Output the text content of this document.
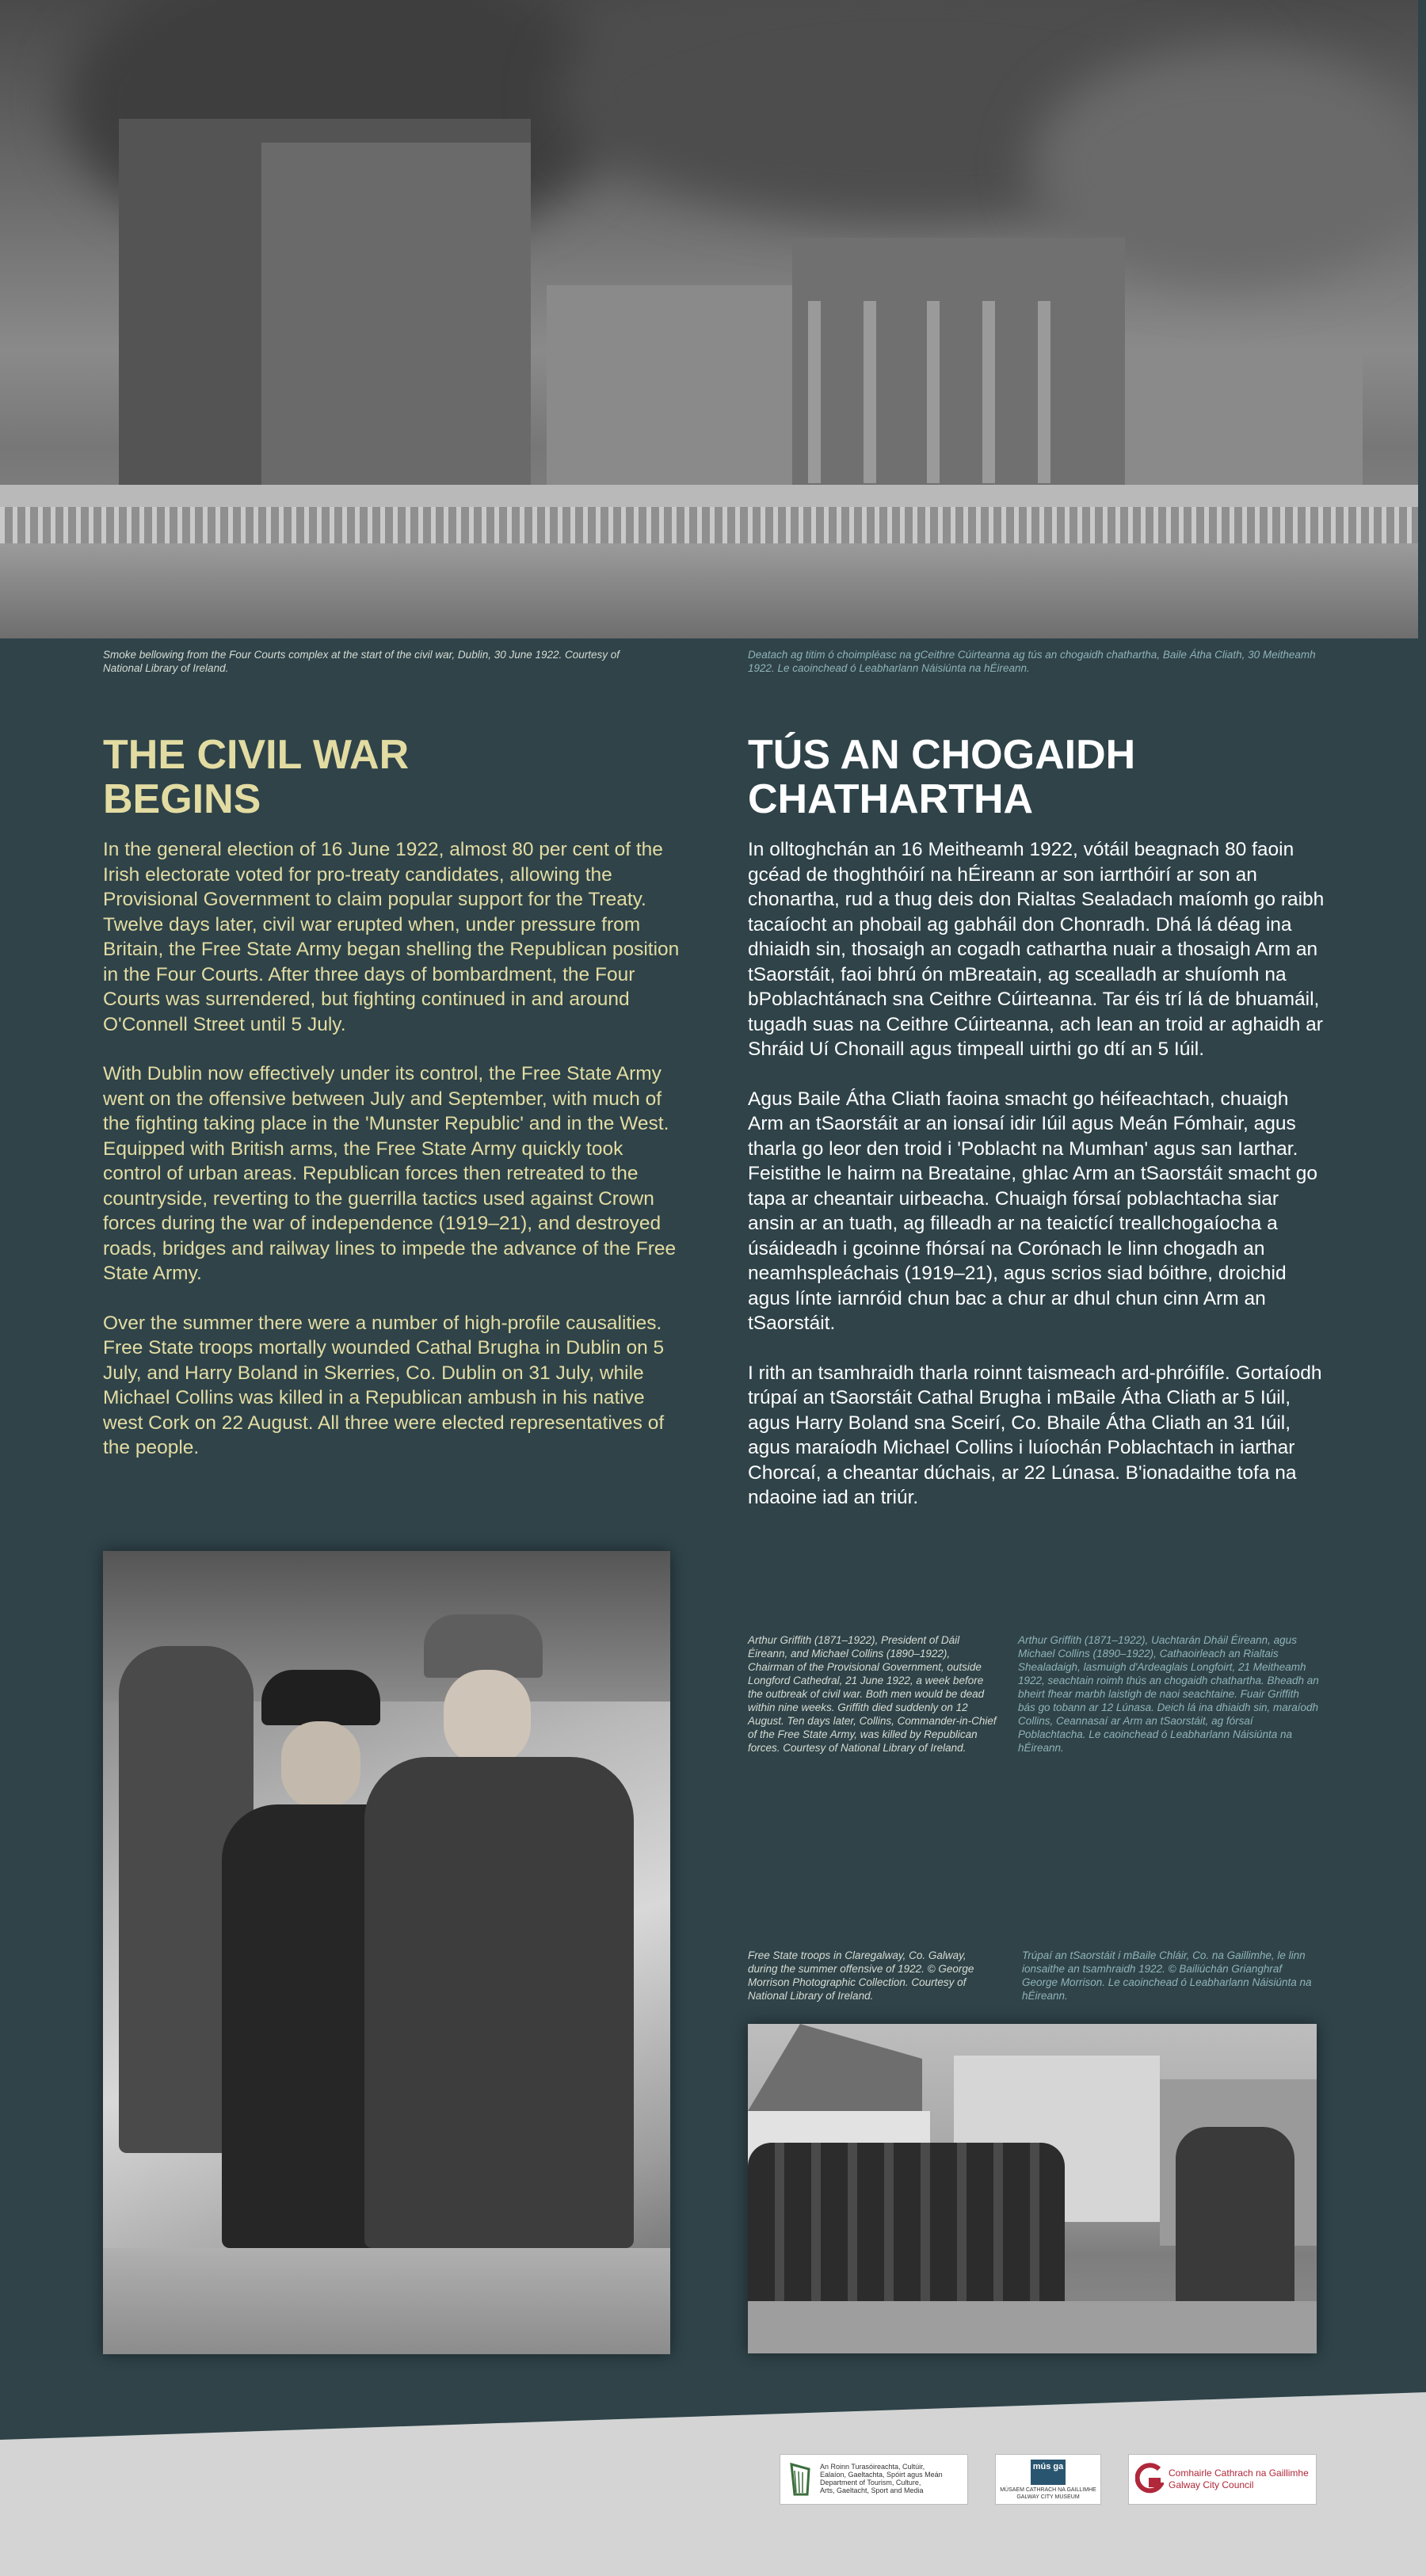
Smoke bellowing from the Four Courts complex at the start of the civil war, Dublin, 30 June 1922. Courtesy of National Library of Ireland.
Deatach ag titim ó choimpléasc na gCeithre Cúirteanna ag tús an chogaidh chathartha, Baile Átha Cliath, 30 Meitheamh 1922. Le caoinchead ó Leabharlann Náisiúnta na hÉireann.
THE CIVIL WAR
BEGINS
TÚS AN CHOGAIDH
CHATHARTHA

In the general election of 16 June 1922, almost 80 per cent of the Irish electorate voted for pro-treaty candidates, allowing the Provisional Government to claim popular support for the Treaty. Twelve days later, civil war erupted when, under pressure from Britain, the Free State Army began shelling the Republican position in the Four Courts. After three days of bombardment, the Four Courts was surrendered, but fighting continued in and around O'Connell Street until 5 July.

With Dublin now effectively under its control, the Free State Army went on the offensive between July and September, with much of the fighting taking place in the 'Munster Republic' and in the West. Equipped with British arms, the Free State Army quickly took control of urban areas. Republican forces then retreated to the countryside, reverting to the guerrilla tactics used against Crown forces during the war of independence (1919–21), and destroyed roads, bridges and railway lines to impede the advance of the Free State Army.

Over the summer there were a number of high-profile causalities. Free State troops mortally wounded Cathal Brugha in Dublin on 5 July, and Harry Boland in Skerries, Co. Dublin on 31 July, while Michael Collins was killed in a Republican ambush in his native west Cork on 22 August. All three were elected representatives of the people.

In olltoghchán an 16 Meitheamh 1922, vótáil beagnach 80 faoin gcéad de thoghthóirí na hÉireann ar son iarrthóirí ar son an chonartha, rud a thug deis don Rialtas Sealadach maíomh go raibh tacaíocht an phobail ag gabháil don Chonradh. Dhá lá déag ina dhiaidh sin, thosaigh an cogadh cathartha nuair a thosaigh Arm an tSaorstáit, faoi bhrú ón mBreatain, ag scealladh ar shuíomh na bPoblachtánach sna Ceithre Cúirteanna. Tar éis trí lá de bhuamáil, tugadh suas na Ceithre Cúirteanna, ach lean an troid ar aghaidh ar Shráid Uí Chonaill agus timpeall uirthi go dtí an 5 Iúil.

Agus Baile Átha Cliath faoina smacht go héifeachtach, chuaigh Arm an tSaorstáit ar an ionsaí idir Iúil agus Meán Fómhair, agus tharla go leor den troid i 'Poblacht na Mumhan' agus san Iarthar. Feistithe le hairm na Breataine, ghlac Arm an tSaorstáit smacht go tapa ar cheantair uirbeacha. Chuaigh fórsaí poblachtacha siar ansin ar an tuath, ag filleadh ar na teaictící treallchogaíocha a úsáideadh i gcoinne fhórsaí na Corónach le linn chogadh an neamhspleáchais (1919–21), agus scrios siad bóithre, droichid agus línte iarnróid chun bac a chur ar dhul chun cinn Arm an tSaorstáit.

I rith an tsamhraidh tharla roinnt taismeach ard-phróifíle. Gortaíodh trúpaí an tSaorstáit Cathal Brugha i mBaile Átha Cliath ar 5 Iúil, agus Harry Boland sna Sceirí, Co. Bhaile Átha Cliath an 31 Iúil, agus maraíodh Michael Collins i luíochán Poblachtach in iarthar Chorcaí, a cheantar dúchais, ar 22 Lúnasa. B'ionadaithe tofa na ndaoine iad an triúr.

Arthur Griffith (1871–1922), President of Dáil Éireann, and Michael Collins (1890–1922), Chairman of the Provisional Government, outside Longford Cathedral, 21 June 1922, a week before the outbreak of civil war. Both men would be dead within nine weeks. Griffith died suddenly on 12 August. Ten days later, Collins, Commander-in-Chief of the Free State Army, was killed by Republican forces. Courtesy of National Library of Ireland.
Arthur Griffith (1871–1922), Uachtarán Dháil Éireann, agus Michael Collins (1890–1922), Cathaoirleach an Rialtais Shealadaigh, lasmuigh d'Ardeaglais Longfoirt, 21 Meitheamh 1922, seachtain roimh thús an chogaidh chathartha. Bheadh an bheirt fhear marbh laistigh de naoi seachtaine. Fuair Griffith bás go tobann ar 12 Lúnasa. Deich lá ina dhiaidh sin, maraíodh Collins, Ceannasaí ar Arm an tSaorstáit, ag fórsaí Poblachtacha. Le caoinchead ó Leabharlann Náisiúnta na hÉireann.
Free State troops in Claregalway, Co. Galway, during the summer offensive of 1922. © George Morrison Photographic Collection. Courtesy of National Library of Ireland.
Trúpaí an tSaorstáit i mBaile Chláir, Co. na Gaillimhe, le linn ionsaithe an tsamhraidh 1922. © Bailiúchán Grianghraf George Morrison. Le caoinchead ó Leabharlann Náisiúnta na hÉireann.
An Roinn Turasóireachta, Cultúir,
Ealaíon, Gaeltachta, Spóirt agus Meán
Department of Tourism, Culture,
Arts, Gaeltacht, Sport and Media
mús ga
MÚSAEM CATHRACH NA GAILLIMHE
GALWAY CITY MUSEUM
Comhairle Cathrach na Gaillimhe
Galway City Council
